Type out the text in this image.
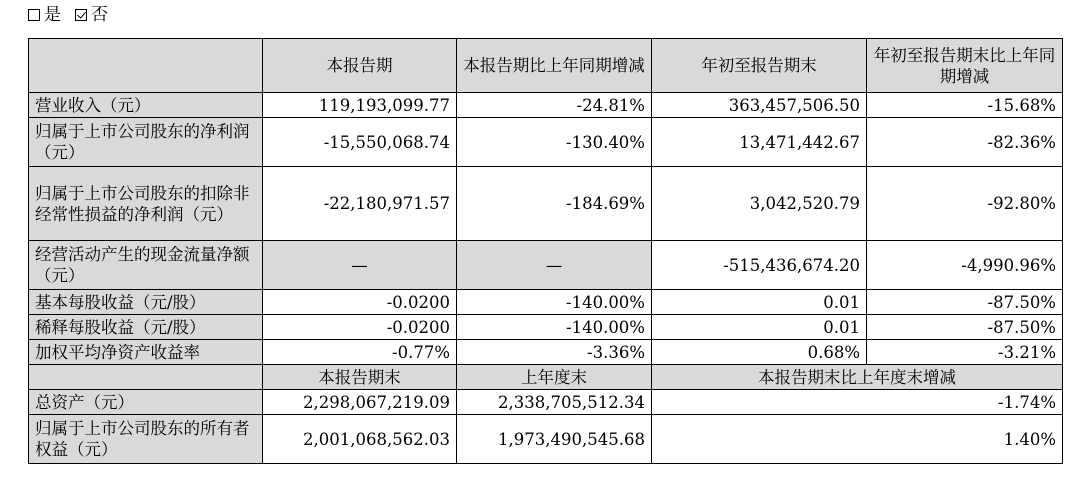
是 否
	本报告期	本报告期比上年同期增减	年初至报告期末	年初至报告期末比上年同期增减
营业收入（元）	119,193,099.77	-24.81%	363,457,506.50	-15.68%
归属于上市公司股东的净利润（元）	-15,550,068.74	-130.40%	13,471,442.67	-82.36%
归属于上市公司股东的扣除非经常性损益的净利润（元）	-22,180,971.57	-184.69%	3,042,520.79	-92.80%
经营活动产生的现金流量净额（元）	—	—	-515,436,674.20	-4,990.96%
基本每股收益（元/股）	-0.0200	-140.00%	0.01	-87.50%
稀释每股收益（元/股）	-0.0200	-140.00%	0.01	-87.50%
加权平均净资产收益率	-0.77%	-3.36%	0.68%	-3.21%
	本报告期末	上年度末	本报告期末比上年度末增减	
总资产（元）	2,298,067,219.09	2,338,705,512.34	-1.74%	
归属于上市公司股东的所有者权益（元）	2,001,068,562.03	1,973,490,545.68	1.40%	
